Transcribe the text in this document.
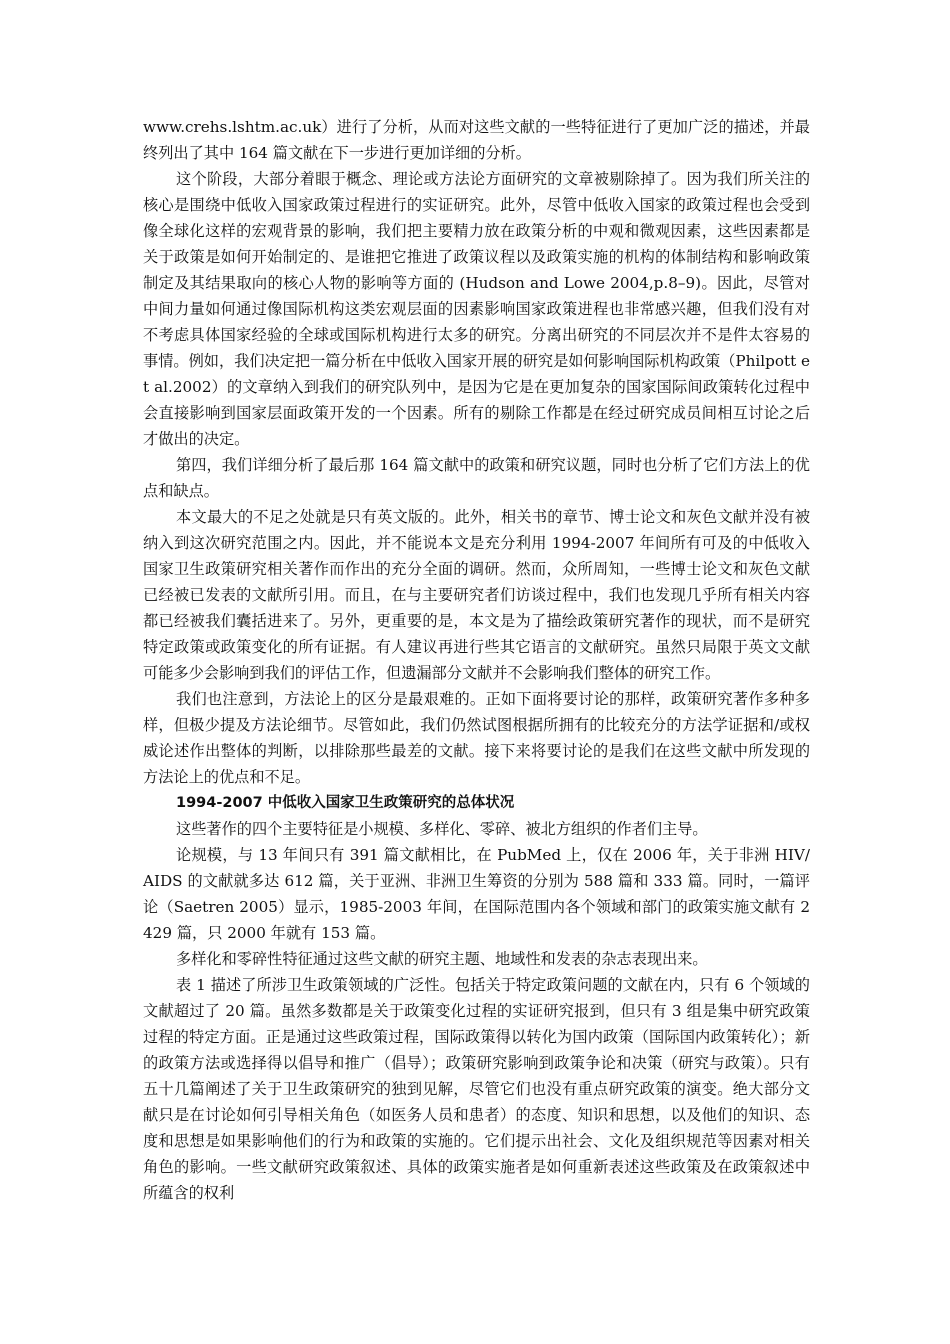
www.crehs.lshtm.ac.uk）进行了分析，从而对这些文献的一些特征进行了更加广泛的描述，并最终列出了其中 164 篇文献在下一步进行更加详细的分析。

这个阶段，大部分着眼于概念、理论或方法论方面研究的文章被剔除掉了。因为我们所关注的核心是围绕中低收入国家政策过程进行的实证研究。此外，尽管中低收入国家的政策过程也会受到像全球化这样的宏观背景的影响，我们把主要精力放在政策分析的中观和微观因素，这些因素都是关于政策是如何开始制定的、是谁把它推进了政策议程以及政策实施的机构的体制结构和影响政策制定及其结果取向的核心人物的影响等方面的 (Hudson and Lowe 2004,p.8–9)。因此，尽管对中间力量如何通过像国际机构这类宏观层面的因素影响国家政策进程也非常感兴趣，但我们没有对不考虑具体国家经验的全球或国际机构进行太多的研究。分离出研究的不同层次并不是件太容易的事情。例如，我们决定把一篇分析在中低收入国家开展的研究是如何影响国际机构政策（Philpott et al.2002）的文章纳入到我们的研究队列中，是因为它是在更加复杂的国家国际间政策转化过程中会直接影响到国家层面政策开发的一个因素。所有的剔除工作都是在经过研究成员间相互讨论之后才做出的决定。

第四，我们详细分析了最后那 164 篇文献中的政策和研究议题，同时也分析了它们方法上的优点和缺点。

本文最大的不足之处就是只有英文版的。此外，相关书的章节、博士论文和灰色文献并没有被纳入到这次研究范围之内。因此，并不能说本文是充分利用 1994-2007 年间所有可及的中低收入国家卫生政策研究相关著作而作出的充分全面的调研。然而，众所周知，一些博士论文和灰色文献已经被已发表的文献所引用。而且，在与主要研究者们访谈过程中，我们也发现几乎所有相关内容都已经被我们囊括进来了。另外，更重要的是，本文是为了描绘政策研究著作的现状，而不是研究特定政策或政策变化的所有证据。有人建议再进行些其它语言的文献研究。虽然只局限于英文文献可能多少会影响到我们的评估工作，但遗漏部分文献并不会影响我们整体的研究工作。

我们也注意到，方法论上的区分是最艰难的。正如下面将要讨论的那样，政策研究著作多种多样，但极少提及方法论细节。尽管如此，我们仍然试图根据所拥有的比较充分的方法学证据和/或权威论述作出整体的判断，以排除那些最差的文献。接下来将要讨论的是我们在这些文献中所发现的方法论上的优点和不足。

1994-2007 中低收入国家卫生政策研究的总体状况

这些著作的四个主要特征是小规模、多样化、零碎、被北方组织的作者们主导。

论规模，与 13 年间只有 391 篇文献相比，在 PubMed 上，仅在 2006 年，关于非洲 HIV/AIDS 的文献就多达 612 篇，关于亚洲、非洲卫生筹资的分别为 588 篇和 333 篇。同时，一篇评论（Saetren 2005）显示，1985-2003 年间，在国际范围内各个领域和部门的政策实施文献有 2429 篇，只 2000 年就有 153 篇。

多样化和零碎性特征通过这些文献的研究主题、地域性和发表的杂志表现出来。

表 1 描述了所涉卫生政策领域的广泛性。包括关于特定政策问题的文献在内，只有 6 个领域的文献超过了 20 篇。虽然多数都是关于政策变化过程的实证研究报到，但只有 3 组是集中研究政策过程的特定方面。正是通过这些政策过程，国际政策得以转化为国内政策（国际国内政策转化）；新的政策方法或选择得以倡导和推广（倡导）；政策研究影响到政策争论和决策（研究与政策）。只有五十几篇阐述了关于卫生政策研究的独到见解，尽管它们也没有重点研究政策的演变。绝大部分文献只是在讨论如何引导相关角色（如医务人员和患者）的态度、知识和思想，以及他们的知识、态度和思想是如果影响他们的行为和政策的实施的。它们提示出社会、文化及组织规范等因素对相关角色的影响。一些文献研究政策叙述、具体的政策实施者是如何重新表述这些政策及在政策叙述中所蕴含的权利
